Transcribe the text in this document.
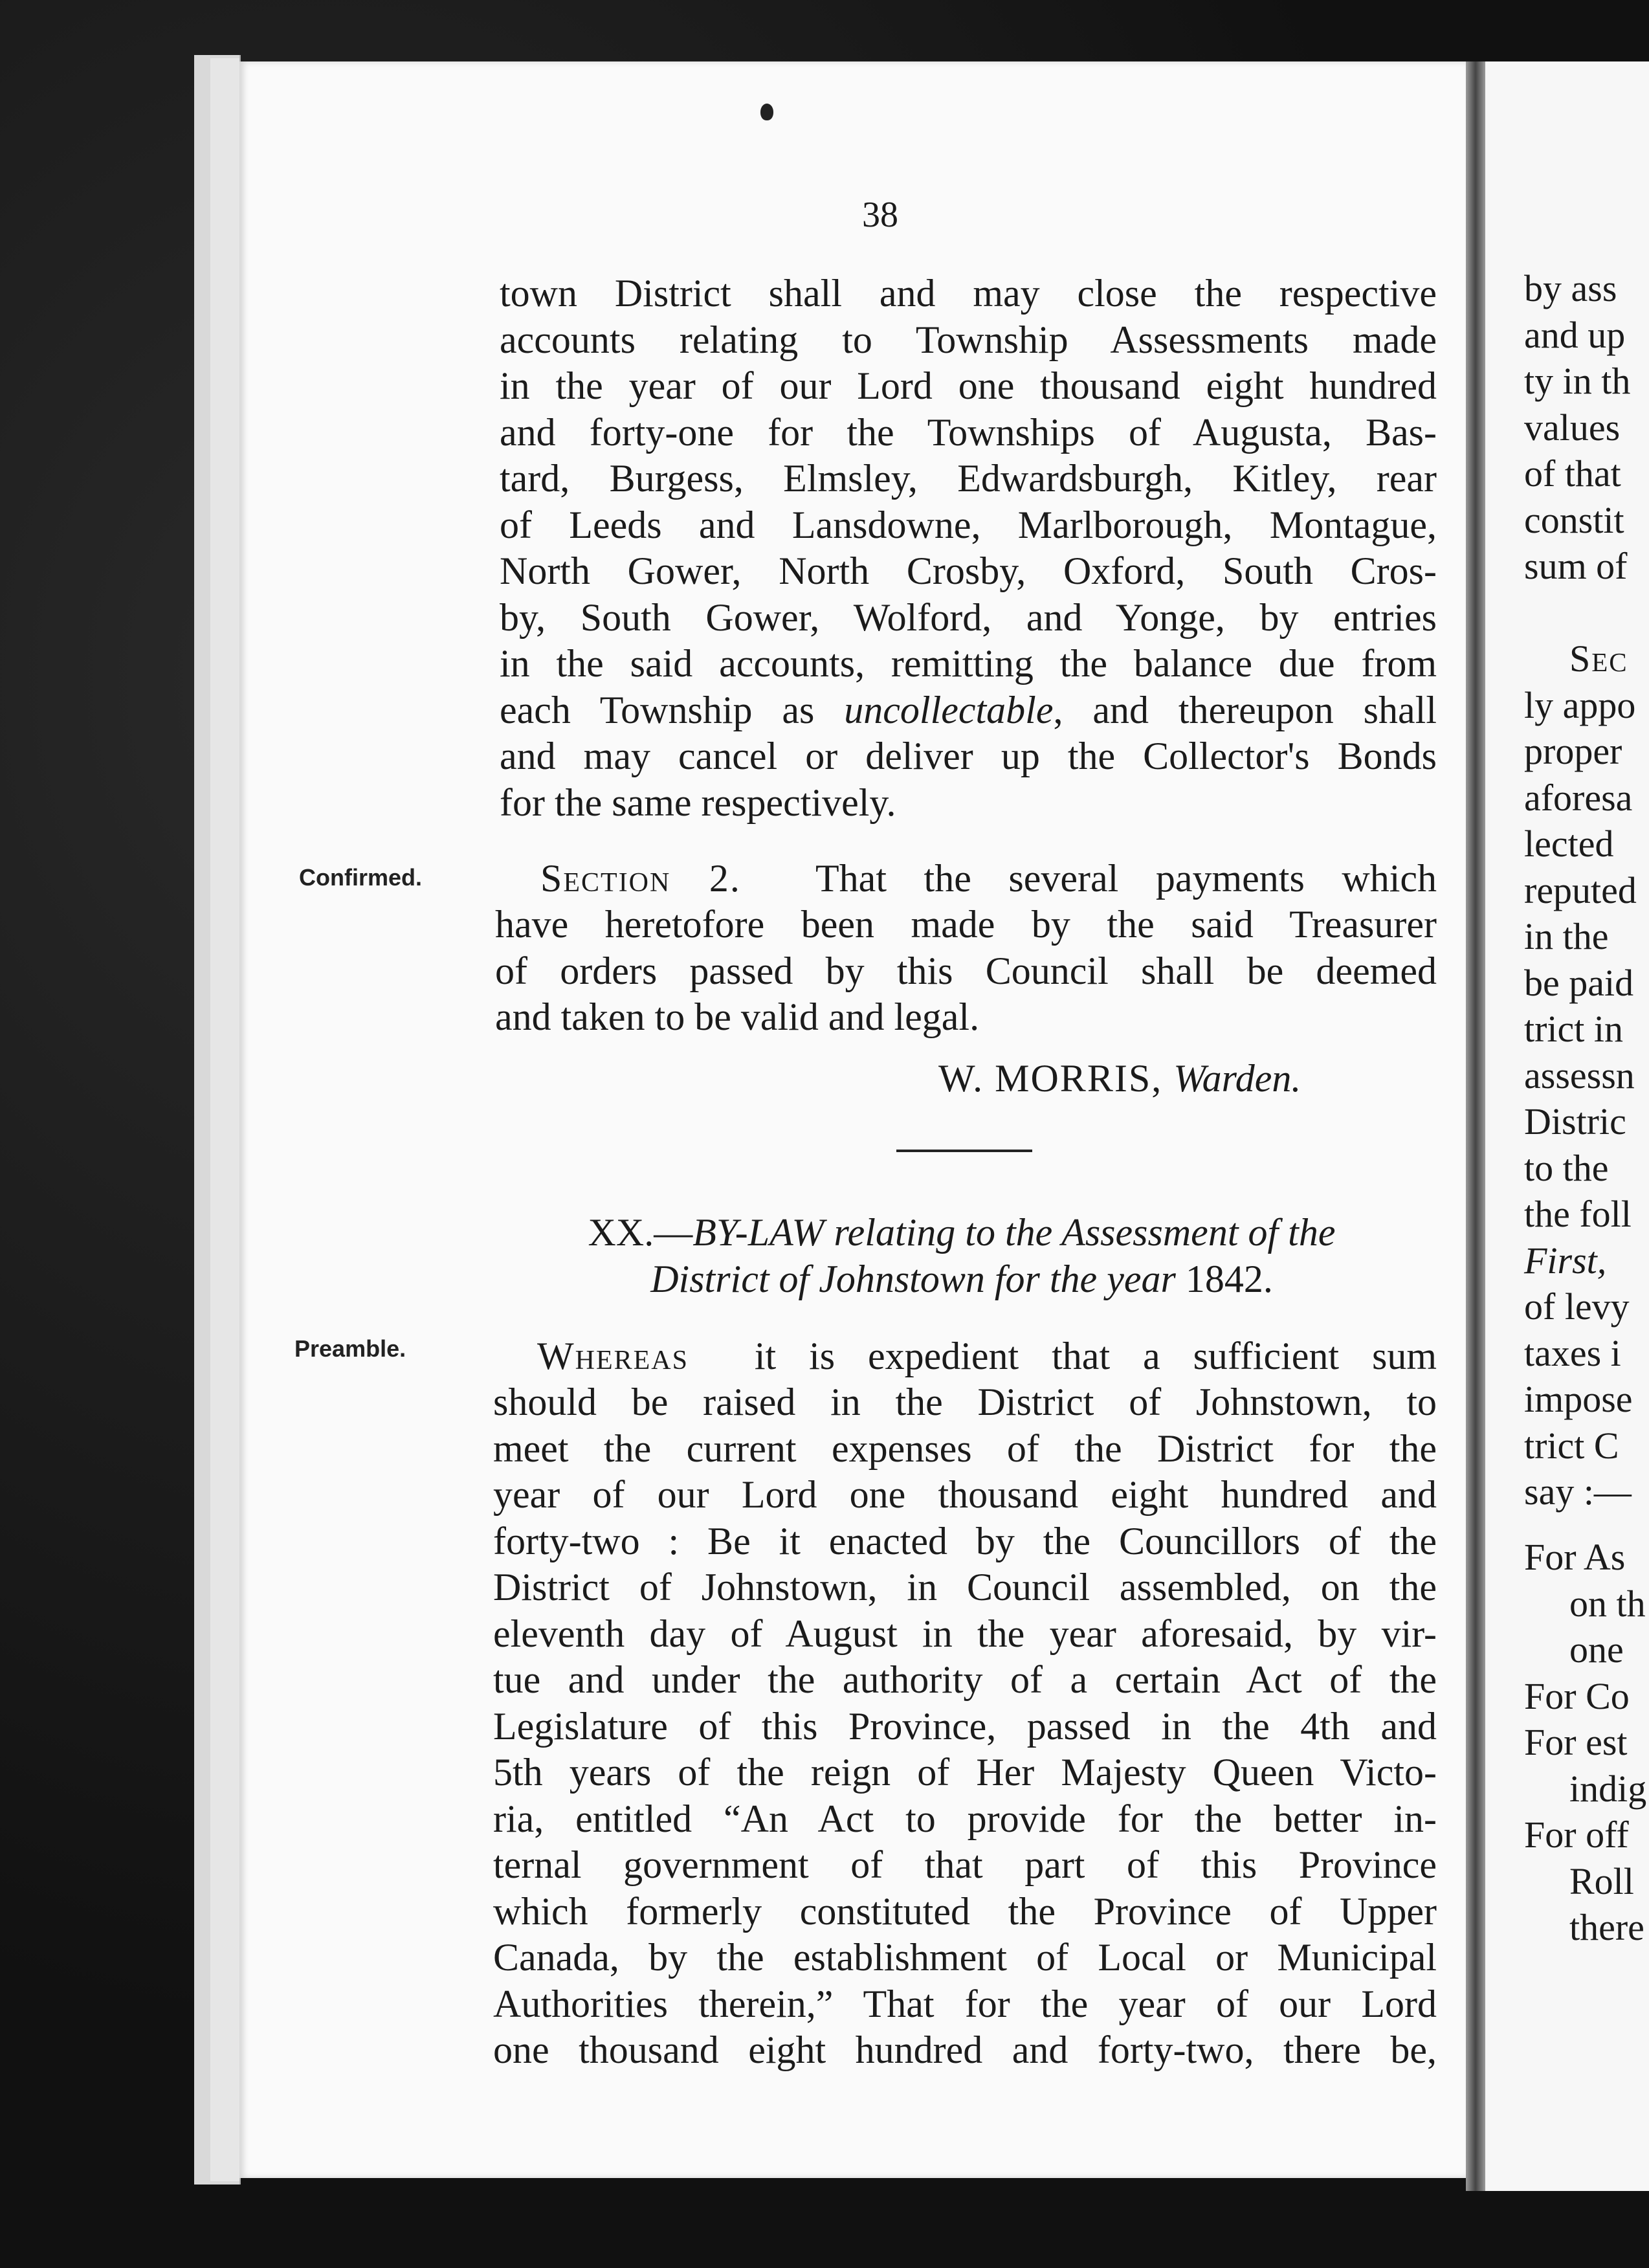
38
town District shall and may close the respective
accounts relating to Township Assessments made
in the year of our Lord one thousand eight hundred
and forty-one for the Townships of Augusta, Bas-
tard, Burgess, Elmsley, Edwardsburgh, Kitley, rear
of Leeds and Lansdowne, Marlborough, Montague,
North Gower, North Crosby, Oxford, South Cros-
by, South Gower, Wolford, and Yonge, by entries
in the said accounts, remitting the balance due from
each Township as uncollectable, and thereupon shall
and may cancel or deliver up the Collector's Bonds
for the same respectively.
Confirmed.	Section 2. That the several payments which
have heretofore been made by the said Treasurer
of orders passed by this Council shall be deemed
and taken to be valid and legal.
W. MORRIS, Warden.
XX.—BY-LAW relating to the Assessment of the
District of Johnstown for the year 1842.
Preamble.	Whereas it is expedient that a sufficient sum
should be raised in the District of Johnstown, to
meet the current expenses of the District for the
year of our Lord one thousand eight hundred and
forty-two : Be it enacted by the Councillors of the
District of Johnstown, in Council assembled, on the
eleventh day of August in the year aforesaid, by vir-
tue and under the authority of a certain Act of the
Legislature of this Province, passed in the 4th and
5th years of the reign of Her Majesty Queen Victo-
ria, entitled “An Act to provide for the better in-
ternal government of that part of this Province
which formerly constituted the Province of Upper
Canada, by the establishment of Local or Municipal
Authorities therein,” That for the year of our Lord
one thousand eight hundred and forty-two, there be,
by ass
and up
ty in th
values
of that
constit
sum of
Sec
ly appo
proper
aforesa
lected
reputed
in the
be paid
trict in
assessn
Distric
to the
the foll
First,
of levy
taxes i
impose
trict C
say :—
For As
on th
one
For Co
For est
indig
For off
Roll
there
